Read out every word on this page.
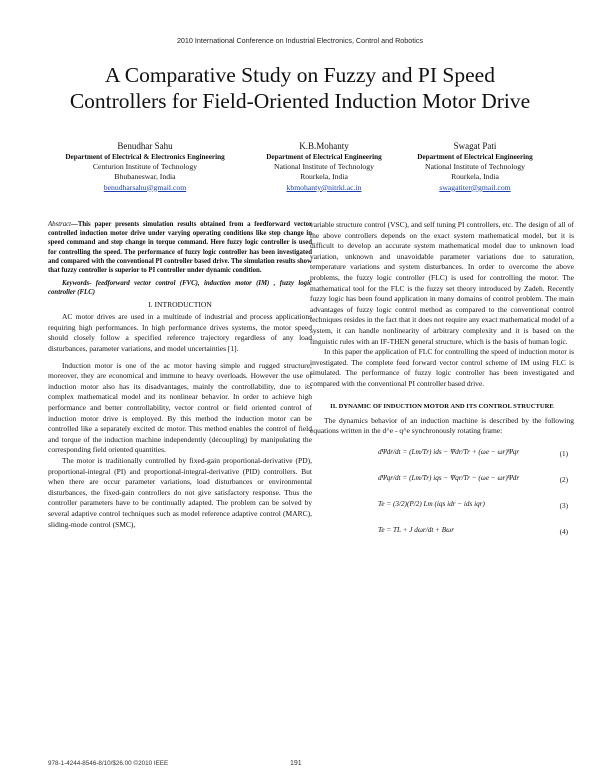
2010 International Conference on Industrial Electronics, Control and Robotics
A Comparative Study on Fuzzy and PI Speed
Controllers for Field-Oriented Induction Motor Drive
Benudhar Sahu
Department of Electrical & Electronics Engineering
Centurion Institute of Technology
Bhubaneswar, India
benudharsahu@gmail.com
K.B.Mohanty
Department of Electrical Engineering
National Institute of Technology
Rourkela, India
kbmohanty@nitrkl.ac.in
Swagat Pati
Department of Electrical Engineering
National Institute of Technology
Rourkela, India
swagatiter@gmail.com

Abstract—This paper presents simulation results obtained from a feedforward vector controlled induction motor drive under varying operating conditions like step change in speed command and step change in torque command. Here fuzzy logic controller is used for controlling the speed. The performance of fuzzy logic controller has been investigated and compared with the conventional PI controller based drive. The simulation results show that fuzzy controller is superior to PI controller under dynamic condition.

Keywords- feedforward vector control (FVC), induction motor (IM) , fuzzy logic controller (FLC)

I. INTRODUCTION

AC motor drives are used in a multitude of industrial and process applications requiring high performances. In high performance drives systems, the motor speed should closely follow a specified reference trajectory regardless of any load disturbances, parameter variations, and model uncertainties [1].

Induction motor is one of the ac motor having simple and rugged structure; moreover, they are economical and immune to heavy overloads. However the use of induction motor also has its disadvantages, mainly the controllability, due to its complex mathematical model and its nonlinear behavior. In order to achieve high performance and better controllability, vector control or field oriented control of induction motor drive is employed. By this method the induction motor can be controlled like a separately excited dc motor. This method enables the control of field and torque of the induction machine independently (decoupling) by manipulating the corresponding field oriented quantities.

The motor is traditionally controlled by fixed-gain proportional-derivative (PD), proportional-integral (PI) and proportional-integral-derivative (PID) controllers. But when there are occur parameter variations, load disturbances or environmental disturbances, the fixed-gain controllers do not give satisfactory response. Thus the controller parameters have to be continually adapted. The problem can be solved by several adaptive control techniques such as model reference adaptive control (MARC), sliding-mode control (SMC),

variable structure control (VSC), and self tuning PI controllers, etc. The design of all of the above controllers depends on the exact system mathematical model, but it is difficult to develop an accurate system mathematical model due to unknown load variation, unknown and unavoidable parameter variations due to saturation, temperature variations and system disturbances. In order to overcome the above problems, the fuzzy logic controller (FLC) is used for controlling the motor. The mathematical tool for the FLC is the fuzzy set theory introduced by Zadeh. Recently fuzzy logic has been found application in many domains of control problem. The main advantages of fuzzy logic control method as compared to the conventional control techniques resides in the fact that it does not require any exact mathematical model of a system, it can handle nonlinearity of arbitrary complexity and it is based on the linguistic rules with an IF-THEN general structure, which is the basis of human logic.

In this paper the application of FLC for controlling the speed of induction motor is investigated. The complete feed forward vector control scheme of IM using FLC is simulated. The performance of fuzzy logic controller has been investigated and compared with the conventional PI controller based drive.

II. DYNAMIC OF INDUCTION MOTOR AND ITS CONTROL STRUCTURE

The dynamics behavior of an induction machine is described by the following equations written in the d^e - q^e synchronously rotating frame:

dΨdr/dt = (Lm/Tr) ids − Ψdr/Tr + (ωe − ωr)Ψqr	(1)
dΨqr/dt = (Lm/Tr) iqs − Ψqr/Tr − (ωe − ωr)Ψdr	(2)
Te = (3/2)(P/2) Lm (iqs idr − ids iqr)	(3)
Te = TL + J dωr/dt + Bωr	(4)
978-1-4244-8546-8/10/$26.00 ©2010 IEEE	191
